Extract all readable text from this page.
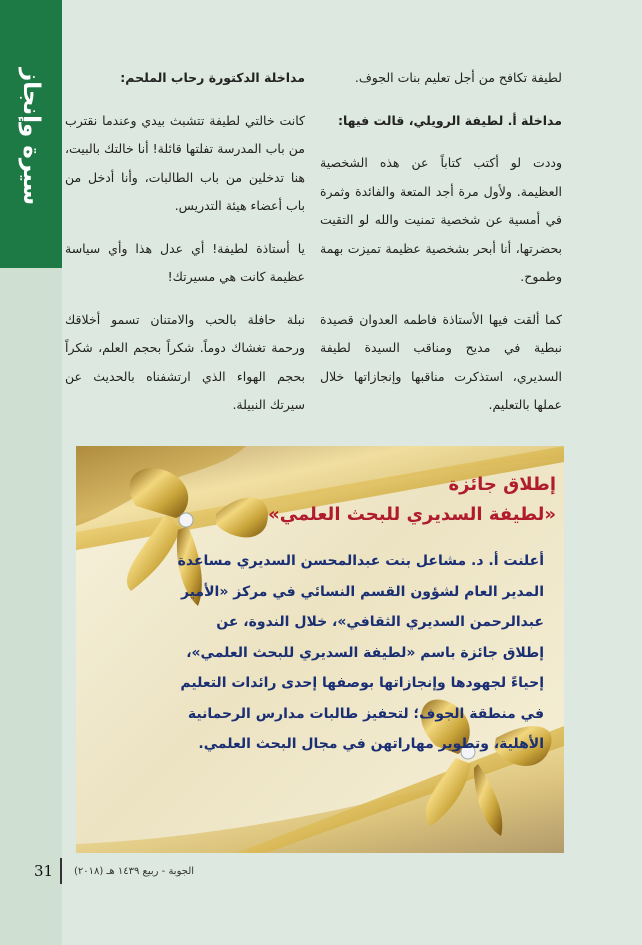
سيرة وإنجاز	لطيفة تكافح من أجل تعليم بنات الجوف.

مداخلة أ. لطيفة الرويلي، قالت فيها:

وددت لو أكتب كتاباً عن هذه الشخصية العظيمة. ولأول مرة أجد المتعة والفائدة وثمرة في أمسية عن شخصية تمنيت والله لو التقيت بحضرتها، أنا أبحر بشخصية عظيمة تميزت بهمة وطموح.

كما ألقت فيها الأستاذة فاطمه العدوان قصيدة نبطية في مديح ومناقب السيدة لطيفة السديري، استذكرت مناقبها وإنجازاتها خلال عملها بالتعليم.

مداخلة الدكتورة رحاب الملحم:

كانت خالتي لطيفة تتشبث بيدي وعندما نقترب من باب المدرسة تفلتها قائلة! أنا خالتك بالبيت، هنا تدخلين من باب الطالبات، وأنا أدخل من باب أعضاء هيئة التدريس.

يا أستاذة لطيفة! أي عدل هذا وأي سياسة عظيمة كانت هي مسيرتك!

نبلة حافلة بالحب والامتنان تسمو أخلاقك ورحمة تغشاك دوماً. شكراً بحجم العلم، شكراً بحجم الهواء الذي ارتشفناه بالحديث عن سيرتك النبيلة.

إطلاق جائزة
«لطيفة السديري للبحث العلمي»
أعلنت أ. د. مشاعل بنت عبدالمحسن السديري مساعدة المدير العام لشؤون القسم النسائي في مركز «الأمير عبدالرحمن السديري الثقافي»، خلال الندوة، عن إطلاق جائزة باسم «لطيفة السديري للبحث العلمي»، إحياءً لجهودها وإنجازاتها بوصفها إحدى رائدات التعليم في منطقة الجوف؛ لتحفيز طالبات مدارس الرحمانية الأهلية، وتطوير مهاراتهن في مجال البحث العلمي.
31 الجوبة - ربيع ١٤٣٩ هـ (٢٠١٨)
